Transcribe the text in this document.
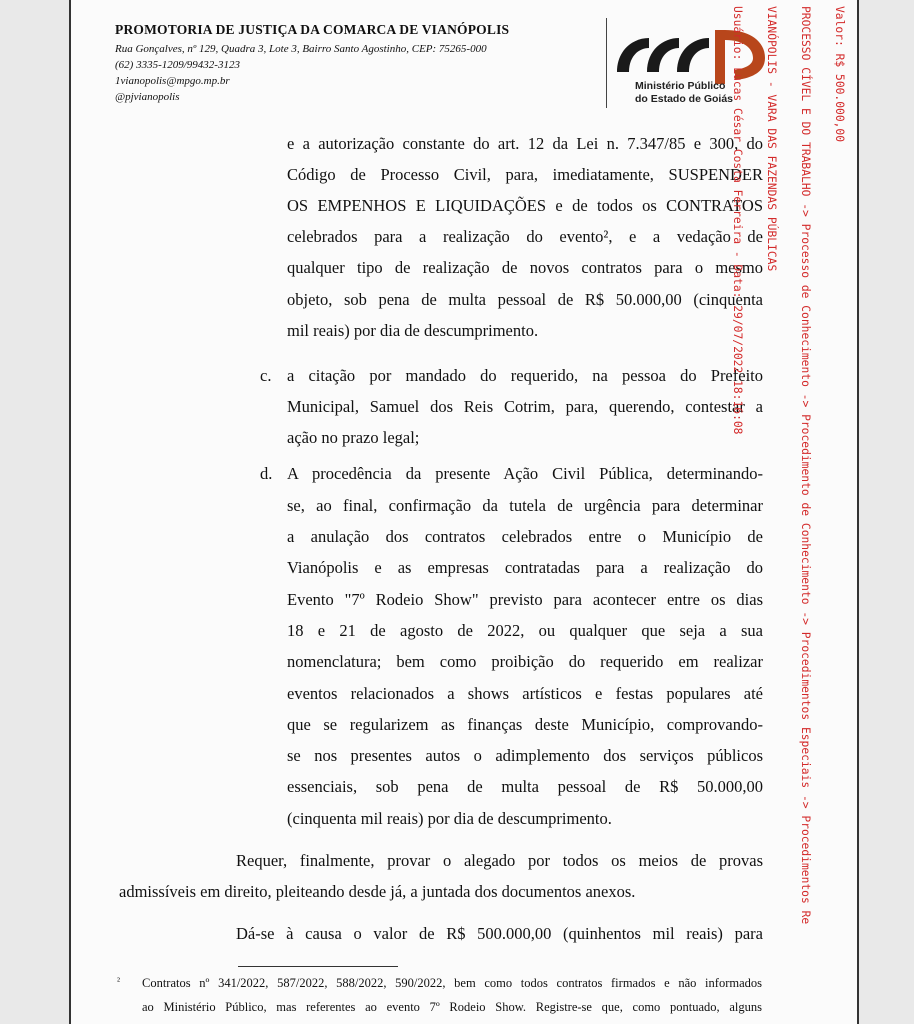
PROMOTORIA DE JUSTIÇA DA COMARCA DE VIANÓPOLIS
Rua Gonçalves, nº 129, Quadra 3, Lote 3, Bairro Santo Agostinho, CEP: 75265-000
(62) 3335-1209/99432-3123
1vianopolis@mpgo.mp.br
@pjvianopolis
Ministério Público
do Estado de Goiás
e a autorização constante do art. 12 da Lei n. 7.347/85 e 300, do
Código de Processo Civil, para, imediatamente, SUSPENDER
OS EMPENHOS E LIQUIDAÇÕES e de todos os CONTRATOS
celebrados para a realização do evento², e a vedação de
qualquer tipo de realização de novos contratos para o mesmo
objeto, sob pena de multa pessoal de R$ 50.000,00 (cinquenta
mil reais) por dia de descumprimento.
c. a citação por mandado do requerido, na pessoa do Prefeito
Municipal, Samuel dos Reis Cotrim, para, querendo, contestar a
ação no prazo legal;
d. A procedência da presente Ação Civil Pública, determinando-
se, ao final, confirmação da tutela de urgência para determinar
a anulação dos contratos celebrados entre o Município de
Vianópolis e as empresas contratadas para a realização do
Evento "7º Rodeio Show" previsto para acontecer entre os dias
18 e 21 de agosto de 2022, ou qualquer que seja a sua
nomenclatura; bem como proibição do requerido em realizar
eventos relacionados a shows artísticos e festas populares até
que se regularizem as finanças deste Município, comprovando-
se nos presentes autos o adimplemento dos serviços públicos
essenciais, sob pena de multa pessoal de R$ 50.000,00
(cinquenta mil reais) por dia de descumprimento.
Requer, finalmente, provar o alegado por todos os meios de provas
admissíveis em direito, pleiteando desde já, a juntada dos documentos anexos.
Dá-se à causa o valor de R$ 500.000,00 (quinhentos mil reais) para
² Contratos nº 341/2022, 587/2022, 588/2022, 590/2022, bem como todos contratos firmados e não informados
ao Ministério Público, mas referentes ao evento 7º Rodeio Show. Registre-se que, como pontuado, alguns

Valor: R$ 500.000,00

PROCESSO CÍVEL E DO TRABALHO -> Processo de Conhecimento -> Procedimento de Conhecimento -> Procedimentos Especiais -> Procedimentos Re

VIANÓPOLIS - VARA DAS FAZENDAS PÚBLICAS

Usuário: Lucas César Costa Ferreira - Data: 29/07/2022 18:16:08
